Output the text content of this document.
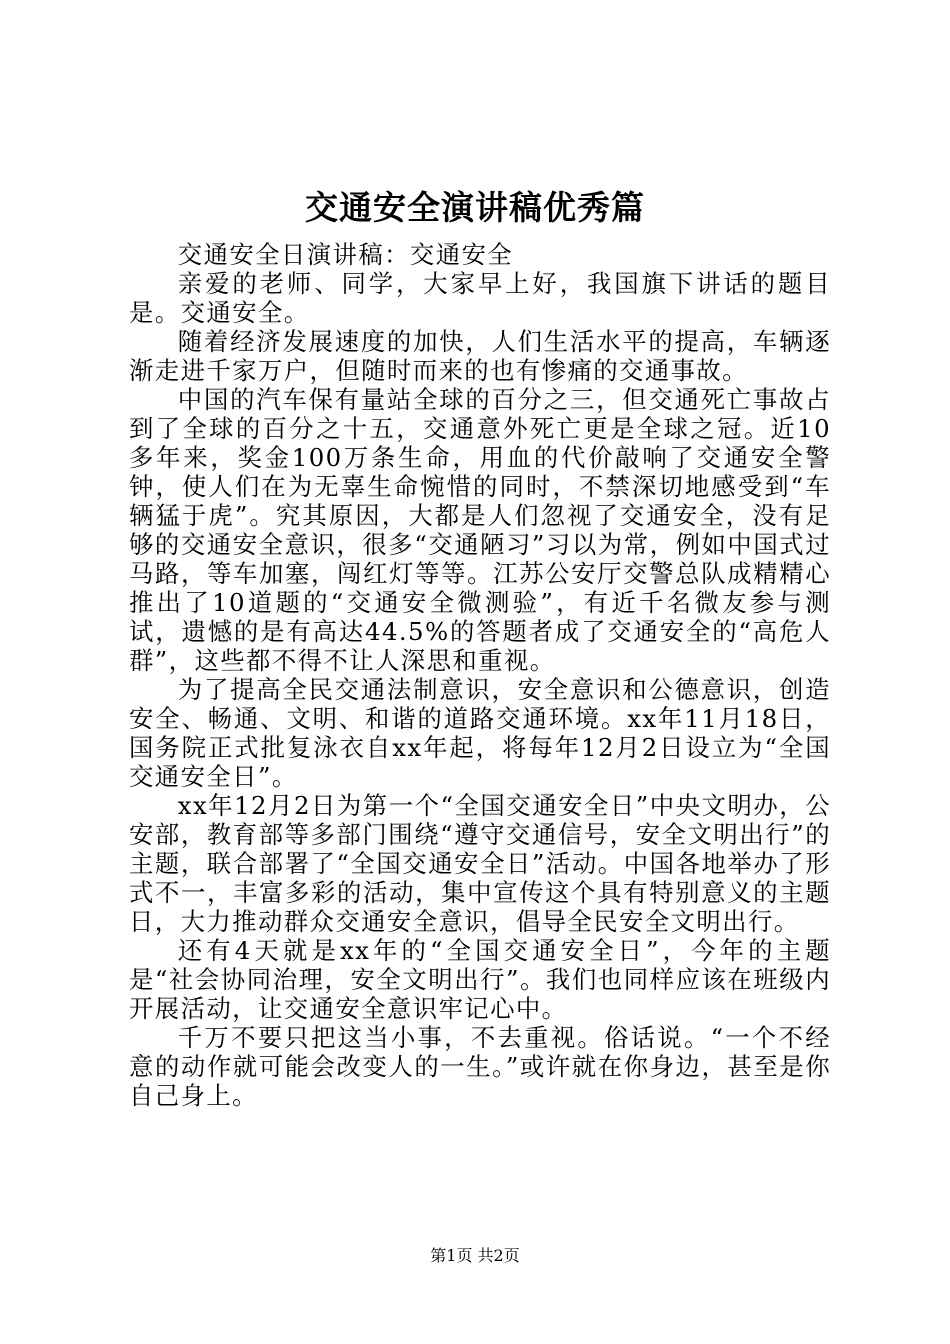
交通安全演讲稿优秀篇

交通安全日演讲稿：交通安全

亲爱的老师、同学，大家早上好，我国旗下讲话的题目是。交通安全。

随着经济发展速度的加快，人们生活水平的提高，车辆逐渐走进千家万户，但随时而来的也有惨痛的交通事故。

中国的汽车保有量站全球的百分之三，但交通死亡事故占到了全球的百分之十五，交通意外死亡更是全球之冠。近10多年来，奖金100万条生命，用血的代价敲响了交通安全警钟，使人们在为无辜生命惋惜的同时，不禁深切地感受到“车辆猛于虎”。究其原因，大都是人们忽视了交通安全，没有足够的交通安全意识，很多“交通陋习”习以为常，例如中国式过马路，等车加塞，闯红灯等等。江苏公安厅交警总队成精精心推出了10道题的“交通安全微测验”，有近千名微友参与测试，遗憾的是有高达44.5%的答题者成了交通安全的“高危人群”，这些都不得不让人深思和重视。

为了提高全民交通法制意识，安全意识和公德意识，创造安全、畅通、文明、和谐的道路交通环境。xx年11月18日，国务院正式批复泳衣自xx年起，将每年12月2日设立为“全国交通安全日”。

xx年12月2日为第一个“全国交通安全日”中央文明办，公安部，教育部等多部门围绕“遵守交通信号，安全文明出行”的主题，联合部署了“全国交通安全日”活动。中国各地举办了形式不一，丰富多彩的活动，集中宣传这个具有特别意义的主题日，大力推动群众交通安全意识，倡导全民安全文明出行。

还有4天就是xx年的“全国交通安全日”，今年的主题是“社会协同治理，安全文明出行”。我们也同样应该在班级内开展活动，让交通安全意识牢记心中。

千万不要只把这当小事，不去重视。俗话说。“一个不经意的动作就可能会改变人的一生。”或许就在你身边，甚至是你自己身上。

第1页 共2页
